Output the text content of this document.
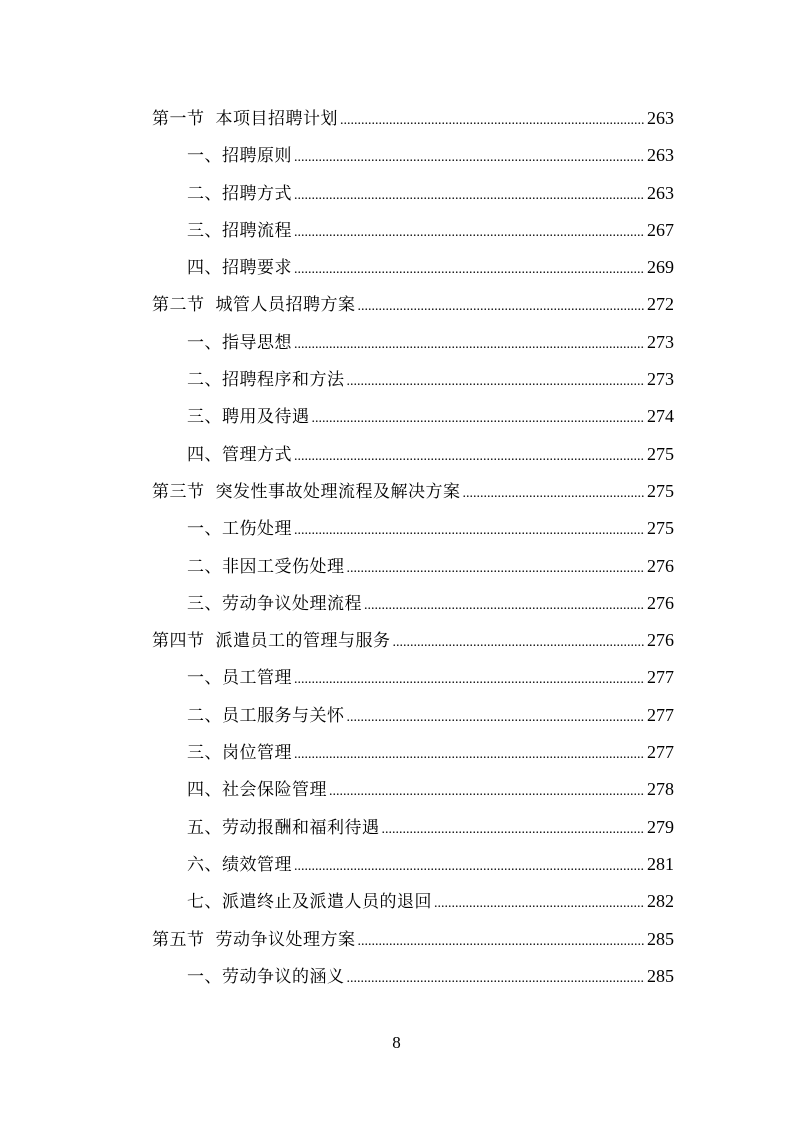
第一节 本项目招聘计划 .....	263
一、招聘原则 .....	263
二、招聘方式 .....	263
三、招聘流程 .....	267
四、招聘要求 .....	269
第二节 城管人员招聘方案 .....	272
一、指导思想 .....	273
二、招聘程序和方法 .....	273
三、聘用及待遇 .....	274
四、管理方式 .....	275
第三节 突发性事故处理流程及解决方案 .....	275
一、工伤处理 .....	275
二、非因工受伤处理 .....	276
三、劳动争议处理流程 .....	276
第四节 派遣员工的管理与服务 .....	276
一、员工管理 .....	277
二、员工服务与关怀 .....	277
三、岗位管理 .....	277
四、社会保险管理 .....	278
五、劳动报酬和福利待遇 .....	279
六、绩效管理 .....	281
七、派遣终止及派遣人员的退回 .....	282
第五节 劳动争议处理方案 .....	285
一、劳动争议的涵义 .....	285
8
